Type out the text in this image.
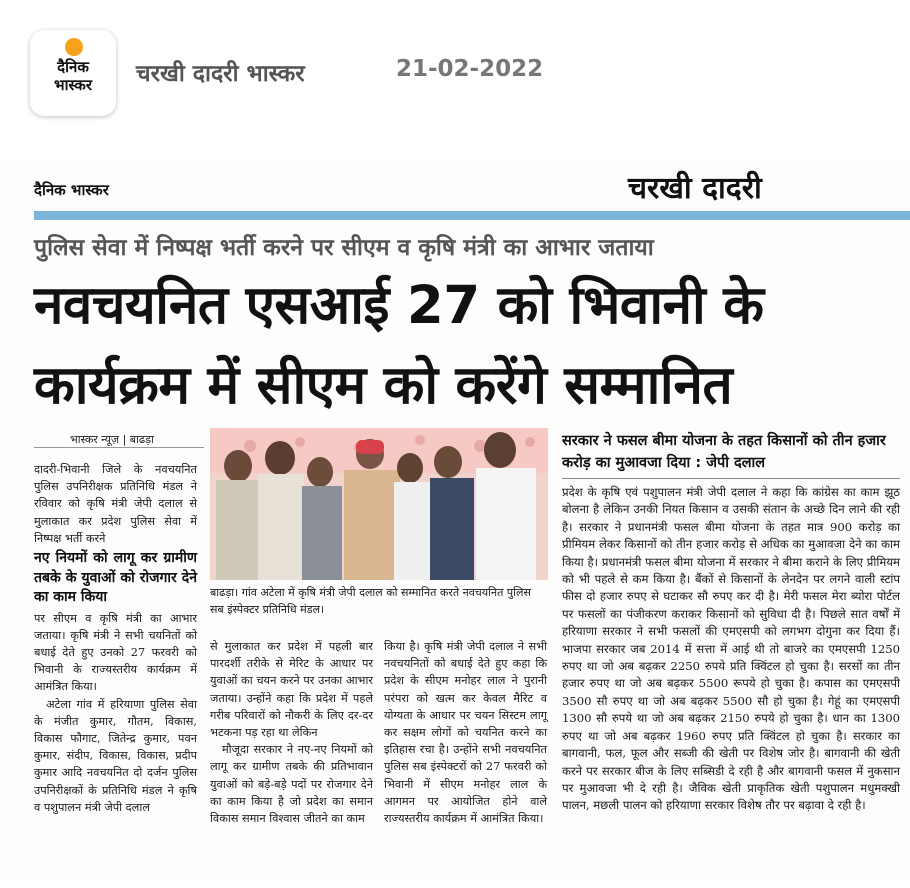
दैनिक
भास्कर	चरखी दादरी भास्कर	21-02-2022
दैनिक भास्कर	चरखी दादरी
पुलिस सेवा में निष्पक्ष भर्ती करने पर सीएम व कृषि मंत्री का आभार जताया
नवचयनित एसआई 27 को भिवानी के
कार्यक्रम में सीएम को करेंगे सम्मानित
भास्कर न्यूज़ | बाढड़ा

दादरी-भिवानी जिले के नवचयनित पुलिस उपनिरीक्षक प्रतिनिधि मंडल ने रविवार को कृषि मंत्री जेपी दलाल से मुलाकात कर प्रदेश पुलिस सेवा में निष्पक्ष भर्ती करने

नए नियमों को लागू कर ग्रामीण तबके के युवाओं को रोजगार देने का काम किया

पर सीएम व कृषि मंत्री का आभार जताया। कृषि मंत्री ने सभी चयनितों को बधाई देते हुए उनको 27 फरवरी को भिवानी के राज्यस्तरीय कार्यक्रम में आमंत्रित किया।

अटेला गांव में हरियाणा पुलिस सेवा के मंजीत कुमार, गौतम, विकास, विकास फौगाट, जितेन्द्र कुमार, पवन कुमार, संदीप, विकास, विकास, प्रदीप कुमार आदि नवचयनित दो दर्जन पुलिस उपनिरीक्षकों के प्रतिनिधि मंडल ने कृषि व पशुपालन मंत्री जेपी दलाल

बाढड़ा। गांव अटेला में कृषि मंत्री जेपी दलाल को सम्मानित करते नवचयनित पुलिस सब इंस्पेक्टर प्रतिनिधि मंडल।

से मुलाकात कर प्रदेश में पहली बार पारदर्शी तरीके से मेरिट के आधार पर युवाओं का चयन करने पर उनका आभार जताया। उन्होंने कहा कि प्रदेश में पहले गरीब परिवारों को नौकरी के लिए दर-दर भटकना पड़ रहा था लेकिन

मौजूदा सरकार ने नए-नए नियमों को लागू कर ग्रामीण तबके की प्रतिभावान युवाओं को बड़े-बड़े पदों पर रोजगार देने का काम किया है जो प्रदेश का समान विकास समान विश्वास जीतने का काम

किया है। कृषि मंत्री जेपी दलाल ने सभी नवचयनितों को बधाई देते हुए कहा कि प्रदेश के सीएम मनोहर लाल ने पुरानी परंपरा को खत्म कर केवल मैरिट व योग्यता के आधार पर चयन सिस्टम लागू कर सक्षम लोगों को चयनित करने का इतिहास रचा है। उन्होंने सभी नवचयनित पुलिस सब इंस्पेक्टरों को 27 फरवरी को भिवानी में सीएम मनोहर लाल के आगमन पर आयोजित होने वाले राज्यस्तरीय कार्यक्रम में आमंत्रित किया।

सरकार ने फसल बीमा योजना के तहत किसानों को तीन हजार करोड़ का मुआवजा दिया : जेपी दलाल

प्रदेश के कृषि एवं पशुपालन मंत्री जेपी दलाल ने कहा कि कांग्रेस का काम झूठ बोलना है लेकिन उनकी नियत किसान व उसकी संतान के अच्छे दिन लाने की रही है। सरकार ने प्रधानमंत्री फसल बीमा योजना के तहत मात्र 900 करोड़ का प्रीमियम लेकर किसानों को तीन हजार करोड़ से अधिक का मुआवजा देने का काम किया है। प्रधानमंत्री फसल बीमा योजना में सरकार ने बीमा कराने के लिए प्रीमियम को भी पहले से कम किया है। बैंकों से किसानों के लेनदेन पर लगने वाली स्टांप फीस दो हजार रुपए से घटाकर सौ रुपए कर दी है। मेरी फसल मेरा ब्योरा पोर्टल पर फसलों का पंजीकरण कराकर किसानों को सुविधा दी है। पिछले सात वर्षों में हरियाणा सरकार ने सभी फसलों की एमएसपी को लगभग दोगुना कर दिया हैं। भाजपा सरकार जब 2014 में सत्ता में आई थी तो बाजरे का एमएसपी 1250 रुपए था जो अब बढ़कर 2250 रुपये प्रति क्विंटल हो चुका है। सरसों का तीन हजार रुपए था जो अब बढ़कर 5500 रूपये हो चुका है। कपास का एमएसपी 3500 सौ रुपए था जो अब बढ़कर 5500 सौ हो चुका है। गेहूं का एमएसपी 1300 सौ रुपये था जो अब बढ़कर 2150 रुपये हो चुका है। धान का 1300 रुपए था जो अब बढ़कर 1960 रुपए प्रति क्विंटल हो चुका है। सरकार का बागवानी, फल, फूल और सब्जी की खेती पर विशेष जोर है। बागवानी की खेती करने पर सरकार बीज के लिए सब्सिडी दे रही है और बागवानी फसल में नुकसान पर मुआवजा भी दे रही है। जैविक खेती प्राकृतिक खेती पशुपालन मधुमक्खी पालन, मछली पालन को हरियाणा सरकार विशेष तौर पर बढ़ावा दे रही है।
